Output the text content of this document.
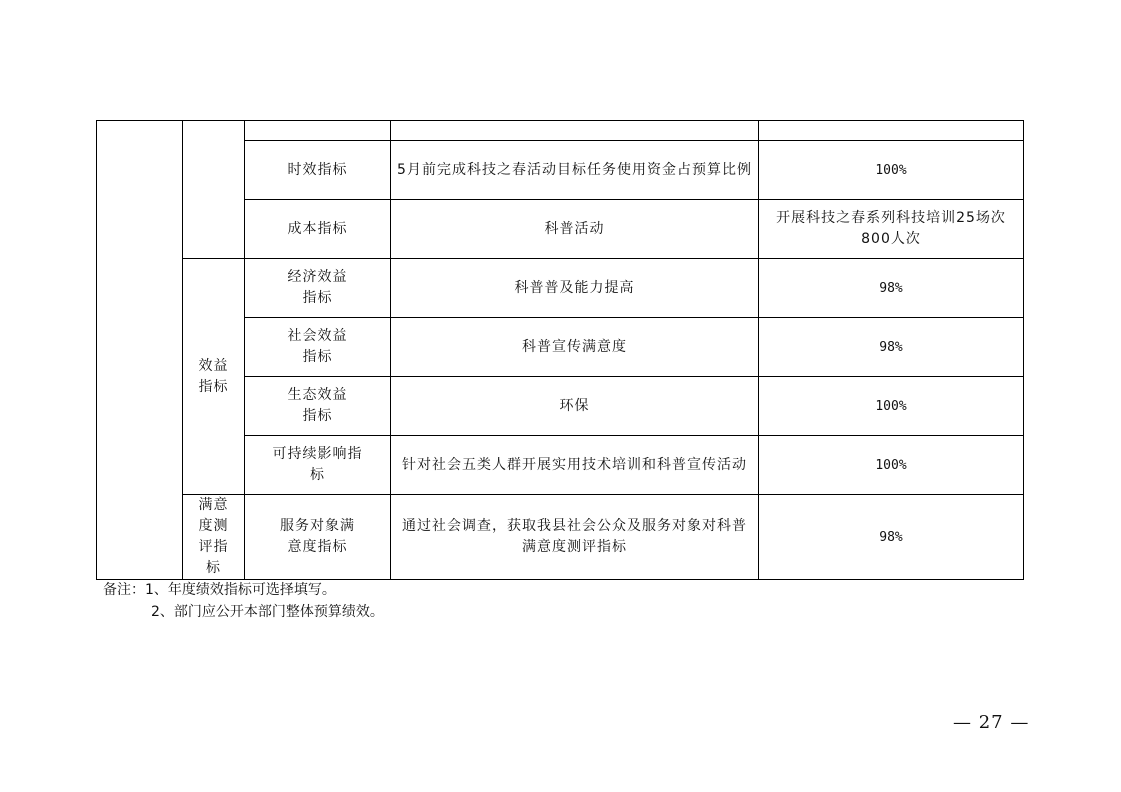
		时效指标	5月前完成科技之春活动目标任务使用资金占预算比例	100%
		成本指标	科普活动	开展科技之春系列科技培训25场次800人次
	效益指标	经济效益指标	科普普及能力提高	98%
		社会效益指标	科普宣传满意度	98%
		生态效益指标	环保	100%
		可持续影响指标	针对社会五类人群开展实用技术培训和科普宣传活动	100%
	满意度测评指标	服务对象满意度指标	通过社会调查，获取我县社会公众及服务对象对科普满意度测评指标	98%
备注：1、年度绩效指标可选择填写。
2、部门应公开本部门整体预算绩效。
— 27 —
